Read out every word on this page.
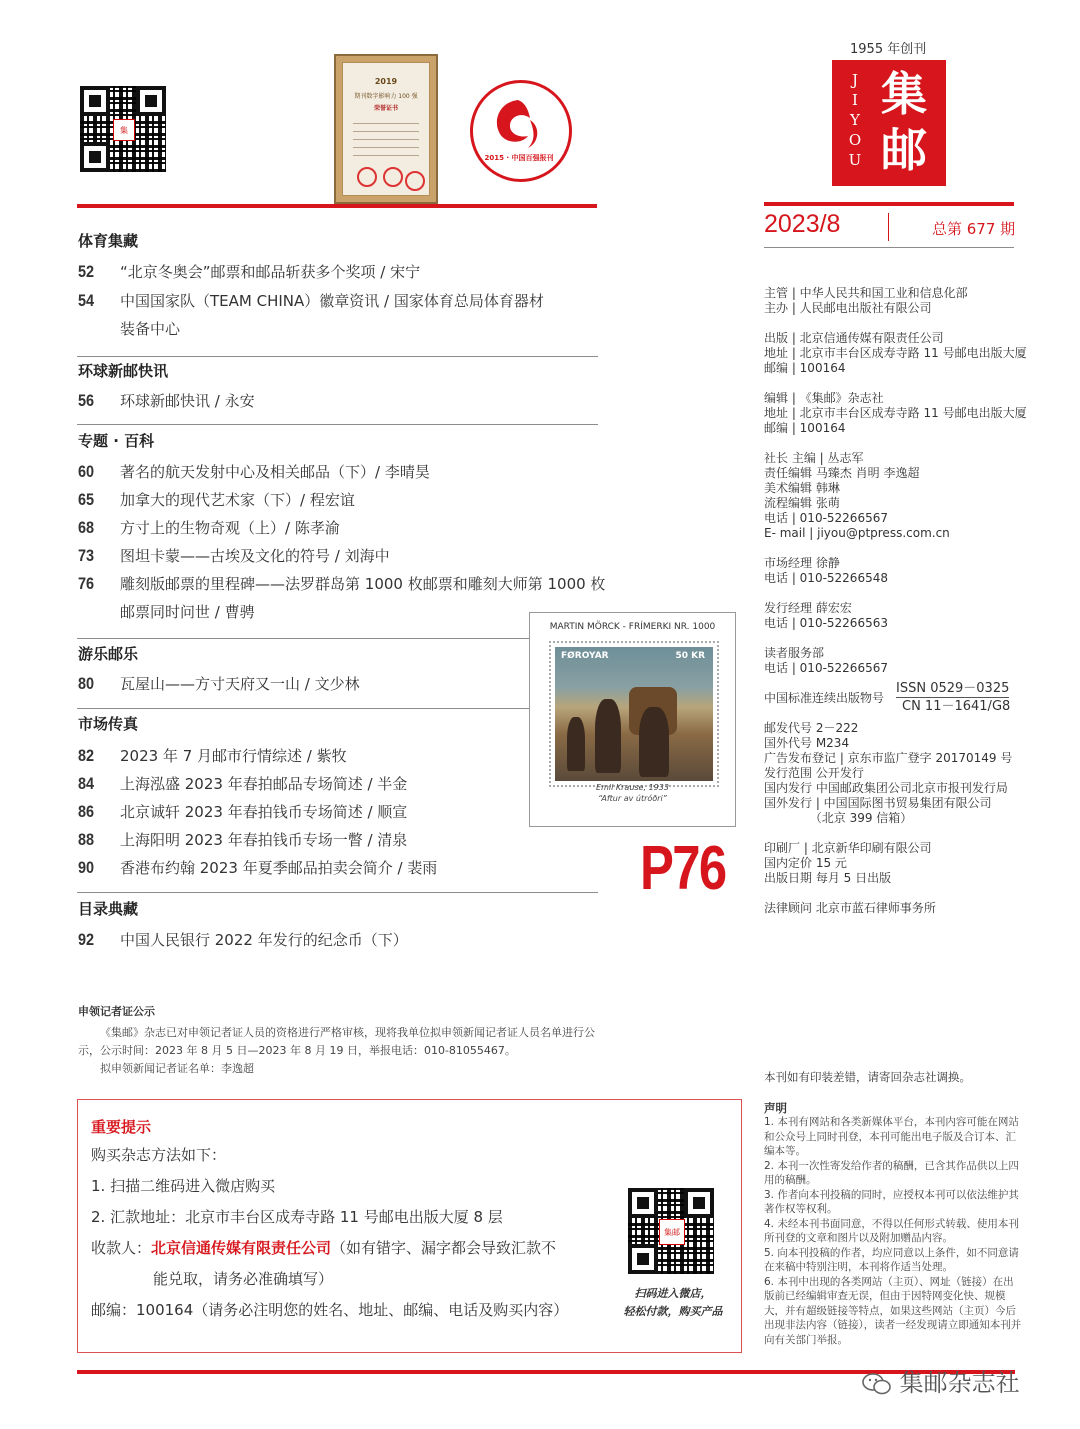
集
2019
期刊数字影响力 100 强
荣誉证书
2015 · 中国百强报刊
1955 年创刊
J
I
Y
O
U
集邮
2023/8	总第 677 期
体育集藏
52 “北京冬奥会”邮票和邮品斩获多个奖项 / 宋宁
54 中国国家队（TEAM CHINA）徽章资讯 / 国家体育总局体育器材
装备中心
环球新邮快讯
56 环球新邮快讯 / 永安
专题 · 百科
60 著名的航天发射中心及相关邮品（下）/ 李晴昊
65 加拿大的现代艺术家（下）/ 程宏谊
68 方寸上的生物奇观（上）/ 陈孝渝
73 图坦卡蒙——古埃及文化的符号 / 刘海中
76 雕刻版邮票的里程碑——法罗群岛第 1000 枚邮票和雕刻大师第 1000 枚
邮票同时问世 / 曹骋
游乐邮乐
80 瓦屋山——方寸天府又一山 / 文少林
市场传真
82 2023 年 7 月邮市行情综述 / 紫牧
84 上海泓盛 2023 年春拍邮品专场简述 / 半金
86 北京诚轩 2023 年春拍钱币专场简述 / 顺宣
88 上海阳明 2023 年春拍钱币专场一瞥 / 清泉
90 香港布约翰 2023 年夏季邮品拍卖会简介 / 裴雨
目录典藏
92 中国人民银行 2022 年发行的纪念币（下）
MARTIN MÖRCK - FRÍMERKI NR. 1000
FØROYAR	50 KR
Emil Krause, 1933
“Aftur av útróðri”
P76
主管 | 中华人民共和国工业和信息化部
主办 | 人民邮电出版社有限公司
出版 | 北京信通传媒有限责任公司
地址 | 北京市丰台区成寿寺路 11 号邮电出版大厦
邮编 | 100164
编辑 | 《集邮》杂志社
地址 | 北京市丰台区成寿寺路 11 号邮电出版大厦
邮编 | 100164
社长 主编 | 丛志军
责任编辑 马臻杰 肖明 李逸超
美术编辑 韩琳
流程编辑 张萌
电话 | 010-52266567
E- mail | jiyou@ptpress.com.cn
市场经理 徐静
电话 | 010-52266548
发行经理 薛宏宏
电话 | 010-52266563
读者服务部
电话 | 010-52266567
中国标准连续出版物号
ISSN 0529－0325
CN 11－1641/G8
邮发代号 2－222
国外代号 M234
广告发布登记 | 京东市监广登字 20170149 号
发行范围 公开发行
国内发行 中国邮政集团公司北京市报刊发行局
国外发行 | 中国国际图书贸易集团有限公司
（北京 399 信箱）
印刷厂 | 北京新华印刷有限公司
国内定价 15 元
出版日期 每月 5 日出版
法律顾问 北京市蓝石律师事务所
申领记者证公示
《集邮》杂志已对申领记者证人员的资格进行严格审核，现将我单位拟申领新闻记者证人员名单进行公
示，公示时间：2023 年 8 月 5 日—2023 年 8 月 19 日，举报电话：010-81055467。
拟申领新闻记者证名单：李逸超
重要提示
购买杂志方法如下：
1. 扫描二维码进入微店购买
2. 汇款地址：北京市丰台区成寿寺路 11 号邮电出版大厦 8 层
收款人：北京信通传媒有限责任公司（如有错字、漏字都会导致汇款不
能兑取，请务必准确填写）
邮编：100164（请务必注明您的姓名、地址、邮编、电话及购买内容）
集邮
扫码进入微店，
轻松付款，购买产品
本刊如有印装差错，请寄回杂志社调换。
声明

1. 本刊有网站和各类新媒体平台，本刊内容可能在网站和公众号上同时刊登，本刊可能出电子版及合订本、汇编本等。

2. 本刊一次性寄发给作者的稿酬，已含其作品供以上四用的稿酬。

3. 作者向本刊投稿的同时，应授权本刊可以依法维护其著作权等权利。

4. 未经本刊书面同意，不得以任何形式转载、使用本刊所刊登的文章和图片以及附加赠品内容。

5. 向本刊投稿的作者，均应同意以上条件，如不同意请在来稿中特别注明，本刊将作适当处理。

6. 本刊中出现的各类网站（主页）、网址（链接）在出版前已经编辑审查无误，但由于因特网变化快、规模大，并有超级链接等特点，如果这些网站（主页）今后出现非法内容（链接），读者一经发现请立即通知本刊并向有关部门举报。

集邮杂志社
